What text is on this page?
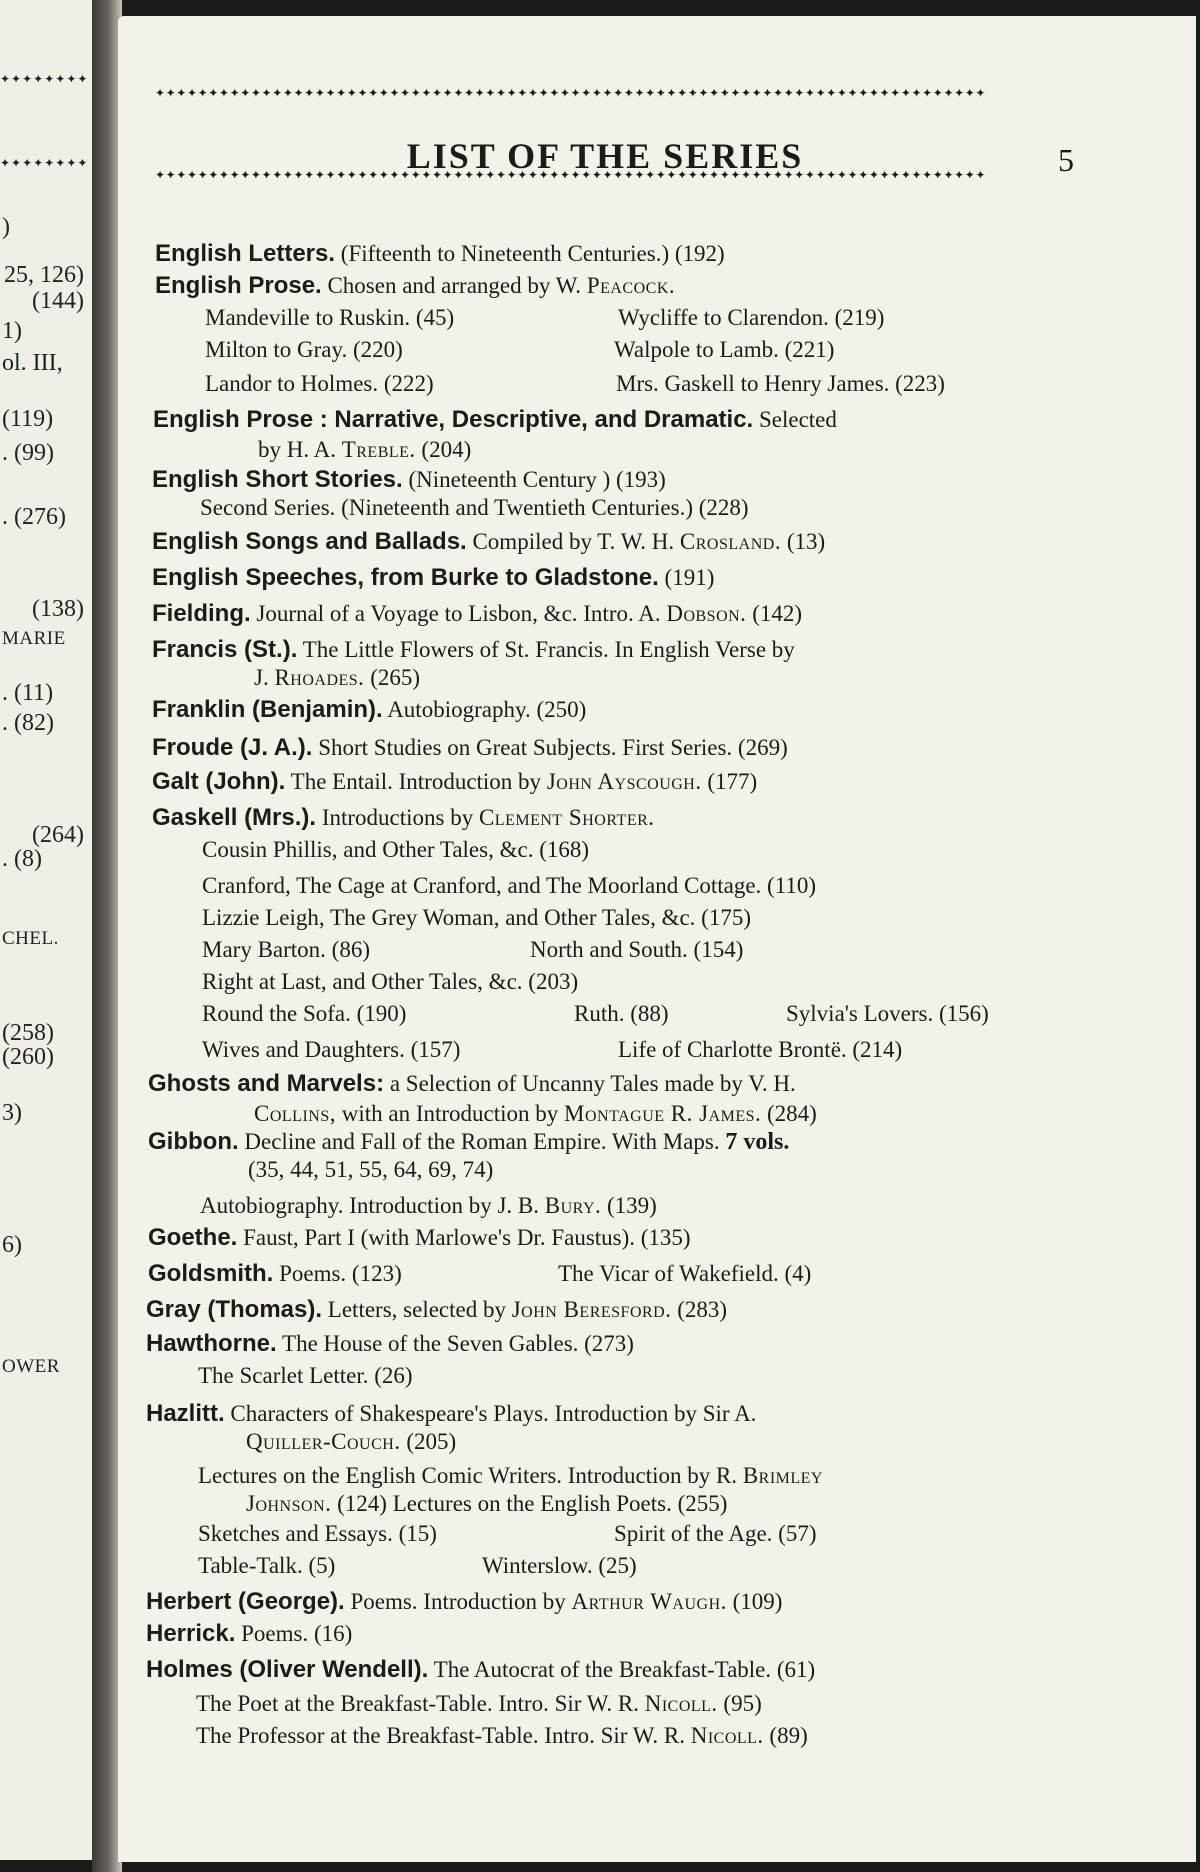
✦✦✦✦✦✦✦✦
✦✦✦✦✦✦✦✦
)
25, 126)
(144)
1)
ol. III,
(119)
. (99)
. (276)
(138)
MARIE
. (11)
. (82)
(264)
. (8)
CHEL.
(258)
(260)
3)
6)
OWER
✦✦✦✦✦✦✦✦✦✦✦✦✦✦✦✦✦✦✦✦✦✦✦✦✦✦✦✦✦✦✦✦✦✦✦✦✦✦✦✦✦✦✦✦✦✦✦✦✦✦✦✦✦✦✦✦✦✦✦✦✦✦✦✦✦✦✦✦✦✦✦✦✦✦✦✦✦✦
LIST OF THE SERIES	5
✦✦✦✦✦✦✦✦✦✦✦✦✦✦✦✦✦✦✦✦✦✦✦✦✦✦✦✦✦✦✦✦✦✦✦✦✦✦✦✦✦✦✦✦✦✦✦✦✦✦✦✦✦✦✦✦✦✦✦✦✦✦✦✦✦✦✦✦✦✦✦✦✦✦✦✦✦✦
English Letters. (Fifteenth to Nineteenth Centuries.) (192)
English Prose. Chosen and arranged by W. Peacock.
Mandeville to Ruskin. (45)	Wycliffe to Clarendon. (219)
Milton to Gray. (220)	Walpole to Lamb. (221)
Landor to Holmes. (222)	Mrs. Gaskell to Henry James. (223)
English Prose : Narrative, Descriptive, and Dramatic. Selected
by H. A. Treble. (204)
English Short Stories. (Nineteenth Century ) (193)
Second Series. (Nineteenth and Twentieth Centuries.) (228)
English Songs and Ballads. Compiled by T. W. H. Crosland. (13)
English Speeches, from Burke to Gladstone. (191)
Fielding. Journal of a Voyage to Lisbon, &c. Intro. A. Dobson. (142)
Francis (St.). The Little Flowers of St. Francis. In English Verse by
J. Rhoades. (265)
Franklin (Benjamin). Autobiography. (250)
Froude (J. A.). Short Studies on Great Subjects. First Series. (269)
Galt (John). The Entail. Introduction by John Ayscough. (177)
Gaskell (Mrs.). Introductions by Clement Shorter.
Cousin Phillis, and Other Tales, &c. (168)
Cranford, The Cage at Cranford, and The Moorland Cottage. (110)
Lizzie Leigh, The Grey Woman, and Other Tales, &c. (175)
Mary Barton. (86)	North and South. (154)
Right at Last, and Other Tales, &c. (203)
Round the Sofa. (190)	Ruth. (88)	Sylvia's Lovers. (156)
Wives and Daughters. (157)	Life of Charlotte Brontë. (214)
Ghosts and Marvels: a Selection of Uncanny Tales made by V. H.
Collins, with an Introduction by Montague R. James. (284)
Gibbon. Decline and Fall of the Roman Empire. With Maps. 7 vols.
(35, 44, 51, 55, 64, 69, 74)
Autobiography. Introduction by J. B. Bury. (139)
Goethe. Faust, Part I (with Marlowe's Dr. Faustus). (135)
Goldsmith. Poems. (123)	The Vicar of Wakefield. (4)
Gray (Thomas). Letters, selected by John Beresford. (283)
Hawthorne. The House of the Seven Gables. (273)
The Scarlet Letter. (26)
Hazlitt. Characters of Shakespeare's Plays. Introduction by Sir A.
Quiller-Couch. (205)
Lectures on the English Comic Writers. Introduction by R. Brimley
Johnson. (124) Lectures on the English Poets. (255)
Sketches and Essays. (15)	Spirit of the Age. (57)
Table-Talk. (5)	Winterslow. (25)
Herbert (George). Poems. Introduction by Arthur Waugh. (109)
Herrick. Poems. (16)
Holmes (Oliver Wendell). The Autocrat of the Breakfast-Table. (61)
The Poet at the Breakfast-Table. Intro. Sir W. R. Nicoll. (95)
The Professor at the Breakfast-Table. Intro. Sir W. R. Nicoll. (89)
